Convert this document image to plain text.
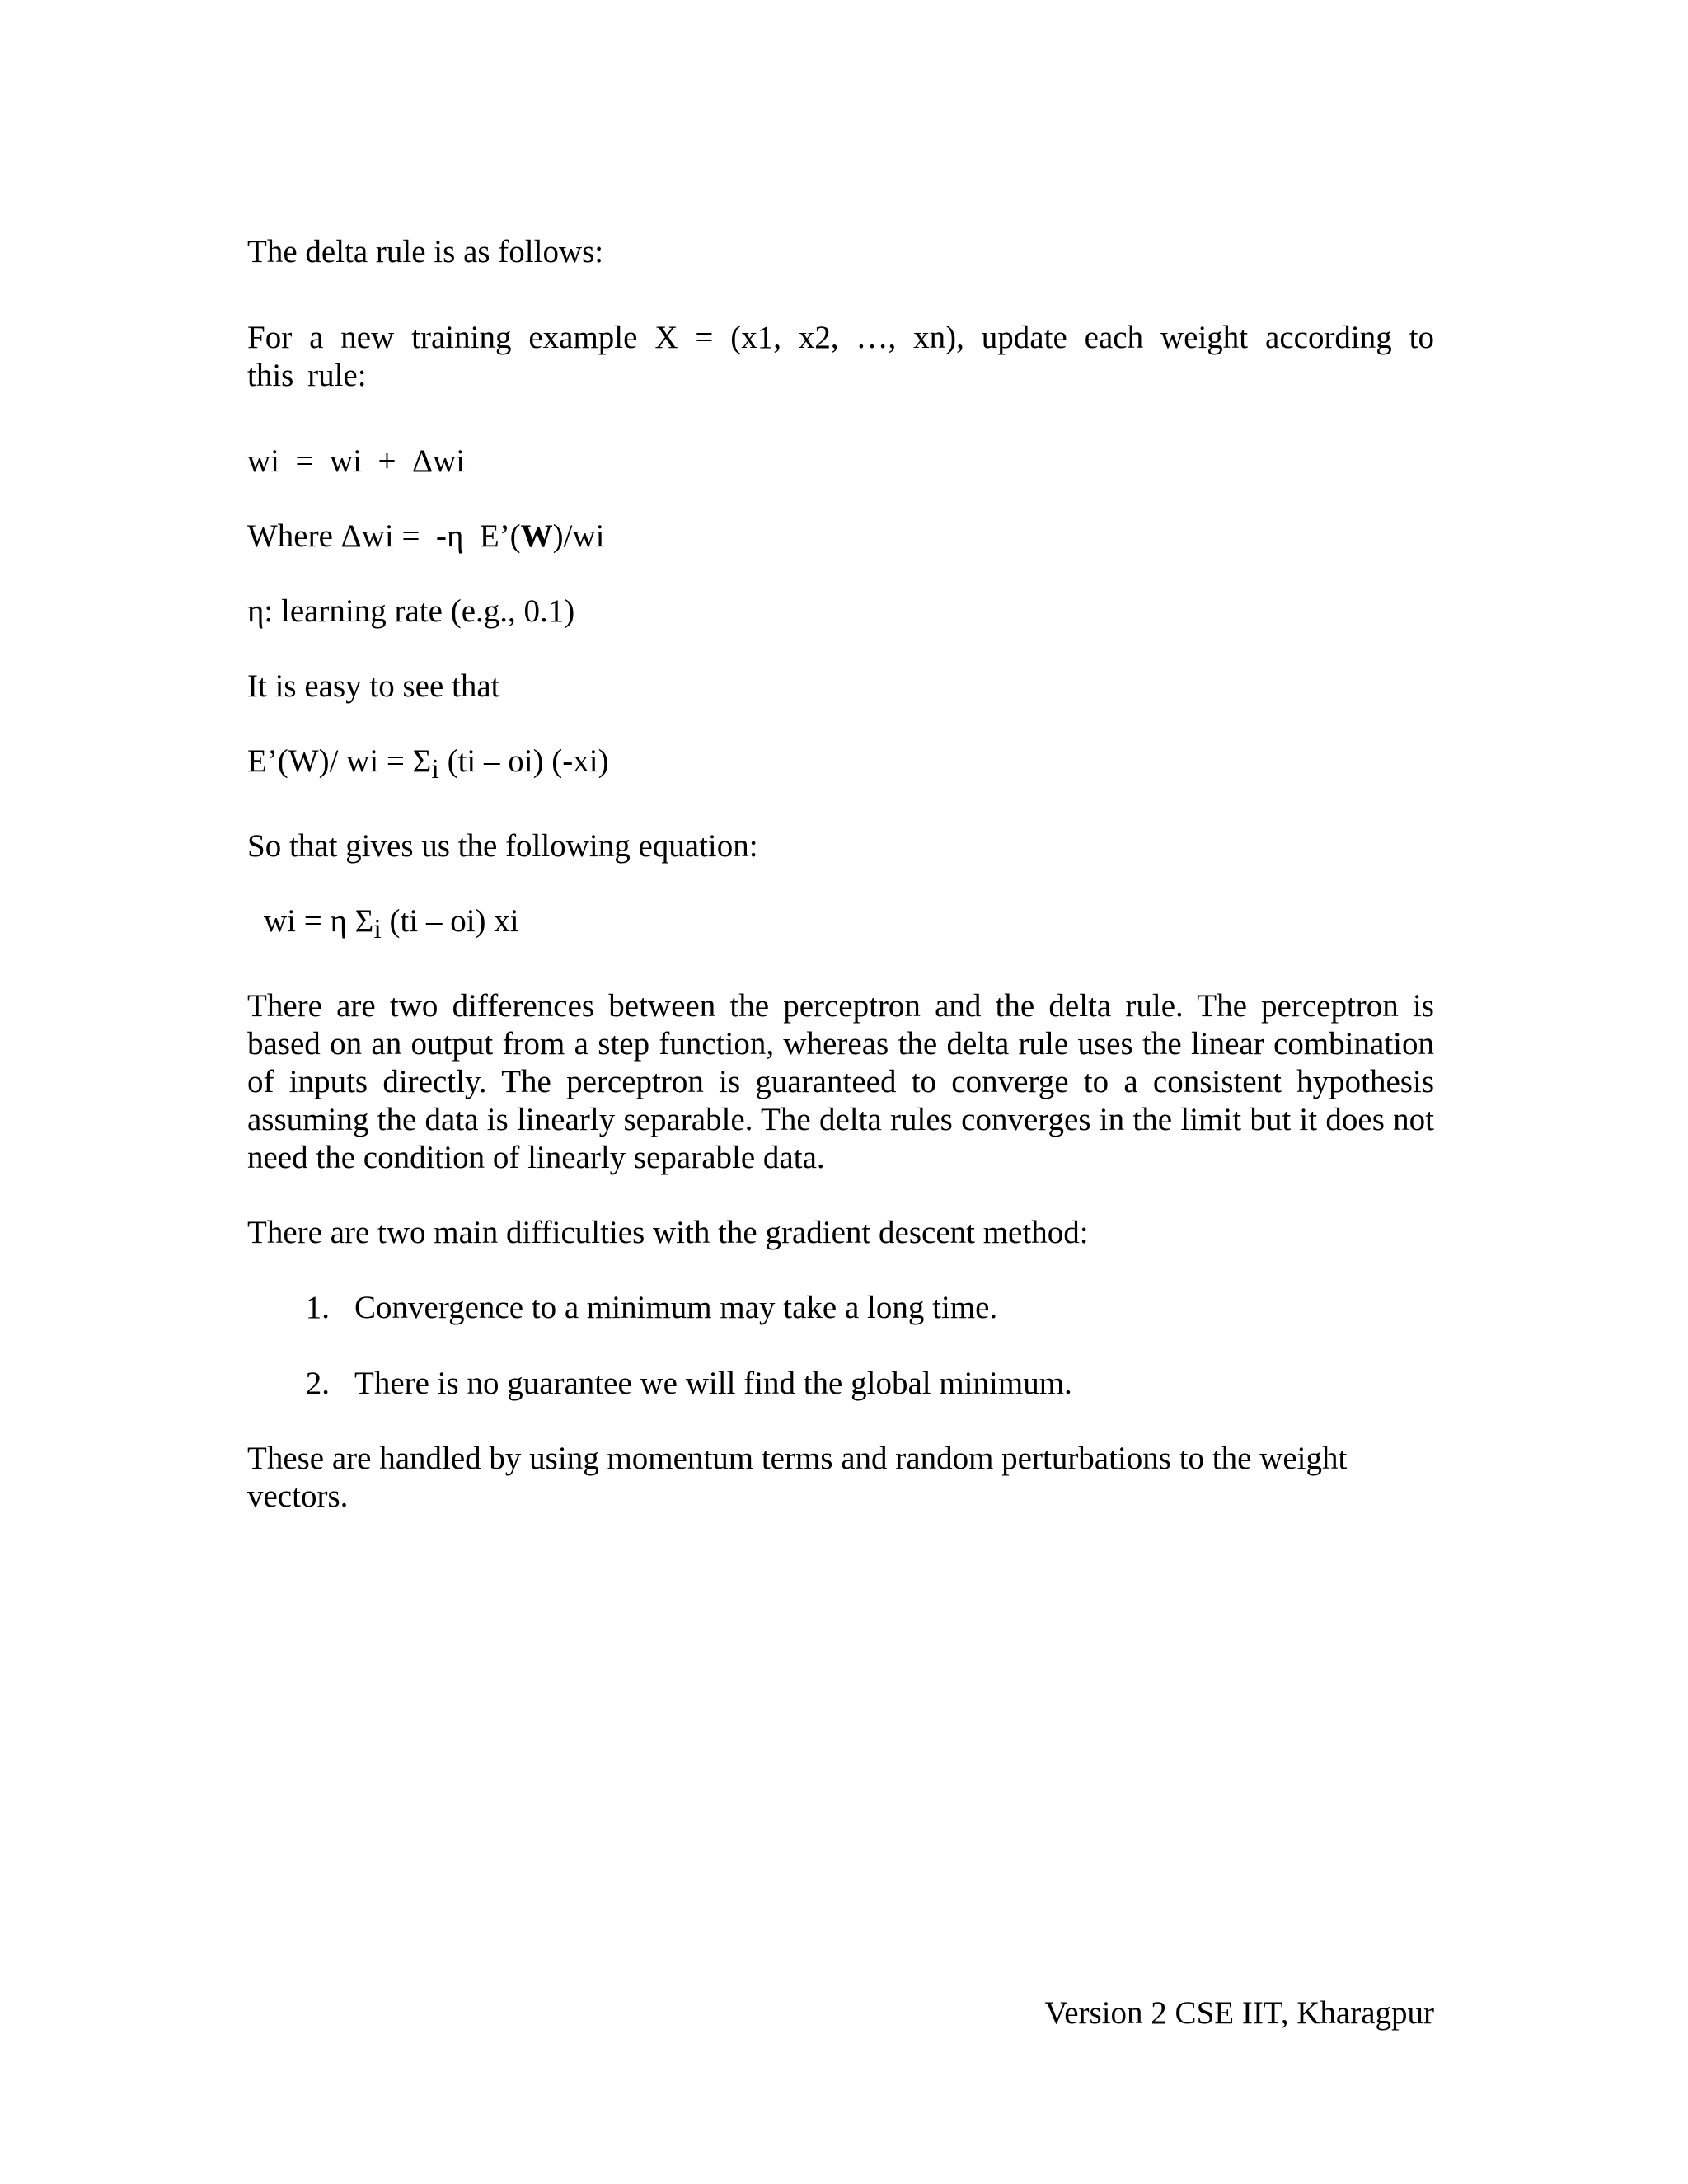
The delta rule is as follows:

For a new training example X = (x1, x2, …, xn), update each weight according to this rule:

wi  =  wi  +  Δwi

Where Δwi =  -η  E’(W)/wi

η: learning rate (e.g., 0.1)

It is easy to see that

E’(W)/ wi = $\Sigma_i$ (ti – oi) (-xi)

So that gives us the following equation:

wi = η $\Sigma_i$ (ti – oi) xi

There are two differences between the perceptron and the delta rule. The perceptron is based on an output from a step function, whereas the delta rule uses the linear combination of inputs directly. The perceptron is guaranteed to converge to a consistent hypothesis assuming the data is linearly separable. The delta rules converges in the limit but it does not need the condition of linearly separable data.

There are two main difficulties with the gradient descent method:

1. Convergence to a minimum may take a long time.
2. There is no guarantee we will find the global minimum.

These are handled by using momentum terms and random perturbations to the weight vectors.

Version 2 CSE IIT, Kharagpur
